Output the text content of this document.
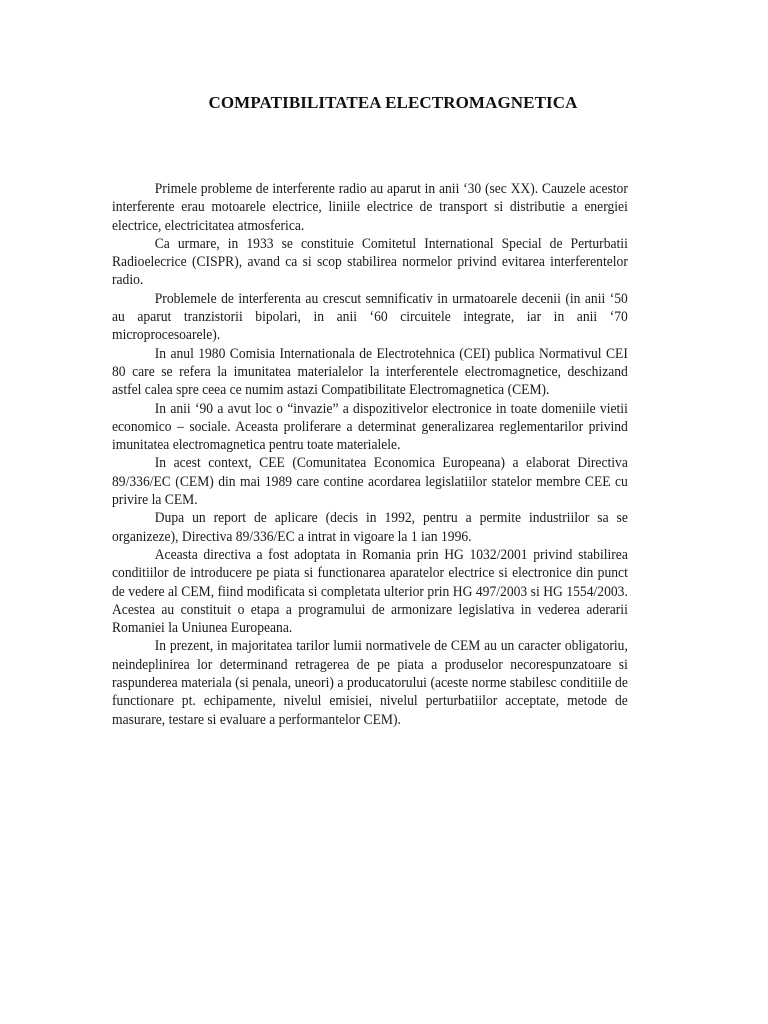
COMPATIBILITATEA ELECTROMAGNETICA

Primele probleme de interferente radio au aparut in anii ‘30 (sec XX). Cauzele acestor interferente erau motoarele electrice, liniile electrice de transport si distributie a energiei electrice, electricitatea atmosferica.

Ca urmare, in 1933 se constituie Comitetul International Special de Perturbatii Radioelecrice (CISPR), avand ca si scop stabilirea normelor privind evitarea interferentelor radio.

Problemele de interferenta au crescut semnificativ in urmatoarele decenii (in anii ‘50 au aparut tranzistorii bipolari, in anii ‘60 circuitele integrate, iar in anii ‘70 microprocesoarele).

In anul 1980 Comisia Internationala de Electrotehnica (CEI) publica Normativul CEI 80 care se refera la imunitatea materialelor la interferentele electromagnetice, deschizand astfel calea spre ceea ce numim astazi Compatibilitate Electromagnetica (CEM).

In anii ‘90 a avut loc o “invazie” a dispozitivelor electronice in toate domeniile vietii economico – sociale. Aceasta proliferare a determinat generalizarea reglementarilor privind imunitatea electromagnetica pentru toate materialele.

In acest context, CEE (Comunitatea Economica Europeana) a elaborat Directiva 89/336/EC (CEM) din mai 1989 care contine acordarea legislatiilor statelor membre CEE cu privire la CEM.

Dupa un report de aplicare (decis in 1992, pentru a permite industriilor sa se organizeze), Directiva 89/336/EC a intrat in vigoare la 1 ian 1996.

Aceasta directiva a fost adoptata in Romania prin HG 1032/2001 privind stabilirea conditiilor de introducere pe piata si functionarea aparatelor electrice si electronice din punct de vedere al CEM, fiind modificata si completata ulterior prin HG 497/2003 si HG 1554/2003. Acestea au constituit o etapa a programului de armonizare legislativa in vederea aderarii Romaniei la Uniunea Europeana.

In prezent, in majoritatea tarilor lumii normativele de CEM au un caracter obligatoriu, neindeplinirea lor determinand retragerea de pe piata a produselor necorespunzatoare si raspunderea materiala (si penala, uneori) a producatorului (aceste norme stabilesc conditiile de functionare pt. echipamente, nivelul emisiei, nivelul perturbatiilor acceptate, metode de masurare, testare si evaluare a performantelor CEM).
